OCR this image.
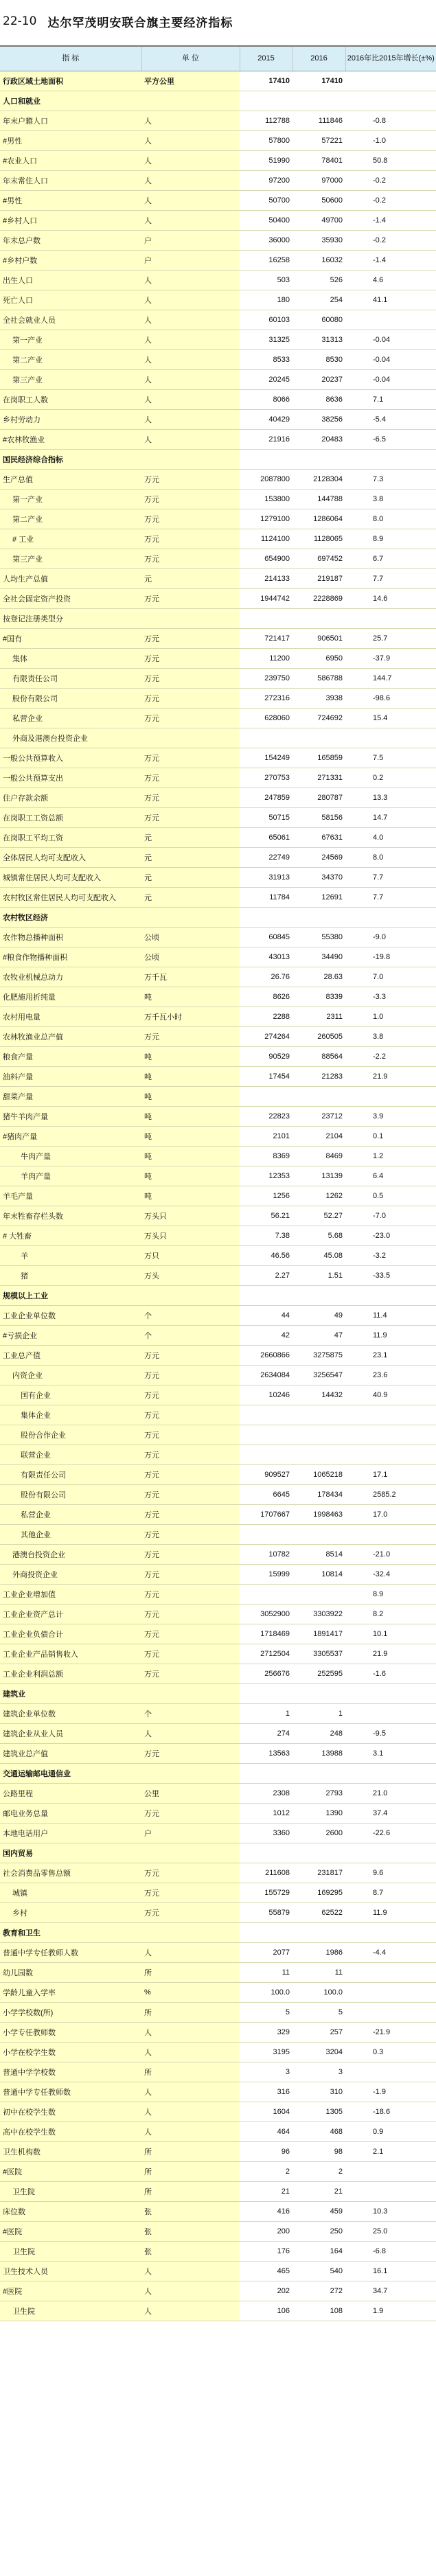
22-10 达尔罕茂明安联合旗主要经济指标
指 标	单 位	2015	2016	2016年比2015年增长(±%)
行政区域土地面积	平方公里	17410	17410	
人口和就业				
年末户籍人口	人	112788	111846	-0.8
#男性	人	57800	57221	-1.0
#农业人口	人	51990	78401	50.8
年末常住人口	人	97200	97000	-0.2
#男性	人	50700	50600	-0.2
#乡村人口	人	50400	49700	-1.4
年末总户数	户	36000	35930	-0.2
#乡村户数	户	16258	16032	-1.4
出生人口	人	503	526	4.6
死亡人口	人	180	254	41.1
全社会就业人员	人	60103	60080	
第一产业	人	31325	31313	-0.04
第二产业	人	8533	8530	-0.04
第三产业	人	20245	20237	-0.04
在岗职工人数	人	8066	8636	7.1
乡村劳动力	人	40429	38256	-5.4
#农林牧渔业	人	21916	20483	-6.5
国民经济综合指标				
生产总值	万元	2087800	2128304	7.3
第一产业	万元	153800	144788	3.8
第二产业	万元	1279100	1286064	8.0
# 工业	万元	1124100	1128065	8.9
第三产业	万元	654900	697452	6.7
人均生产总值	元	214133	219187	7.7
全社会固定资产投资	万元	1944742	2228869	14.6
按登记注册类型分				
#国有	万元	721417	906501	25.7
集体	万元	11200	6950	-37.9
有限责任公司	万元	239750	586788	144.7
股份有限公司	万元	272316	3938	-98.6
私营企业	万元	628060	724692	15.4
外商及港澳台投资企业				
一般公共预算收入	万元	154249	165859	7.5
一般公共预算支出	万元	270753	271331	0.2
住户存款余额	万元	247859	280787	13.3
在岗职工工资总额	万元	50715	58156	14.7
在岗职工平均工资	元	65061	67631	4.0
全体居民人均可支配收入	元	22749	24569	8.0
城镇常住居民人均可支配收入	元	31913	34370	7.7
农村牧区常住居民人均可支配收入	元	11784	12691	7.7
农村牧区经济				
农作物总播种面积	公顷	60845	55380	-9.0
#粮食作物播种面积	公顷	43013	34490	-19.8
农牧业机械总动力	万千瓦	26.76	28.63	7.0
化肥施用折纯量	吨	8626	8339	-3.3
农村用电量	万千瓦小时	2288	2311	1.0
农林牧渔业总产值	万元	274264	260505	3.8
粮食产量	吨	90529	88564	-2.2
油料产量	吨	17454	21283	21.9
甜菜产量	吨			
猪牛羊肉产量	吨	22823	23712	3.9
#猪肉产量	吨	2101	2104	0.1
牛肉产量	吨	8369	8469	1.2
羊肉产量	吨	12353	13139	6.4
羊毛产量	吨	1256	1262	0.5
年末牲畜存栏头数	万头只	56.21	52.27	-7.0
# 大牲畜	万头只	7.38	5.68	-23.0
羊	万只	46.56	45.08	-3.2
猪	万头	2.27	1.51	-33.5
规模以上工业				
工业企业单位数	个	44	49	11.4
#亏损企业	个	42	47	11.9
工业总产值	万元	2660866	3275875	23.1
内资企业	万元	2634084	3256547	23.6
国有企业	万元	10246	14432	40.9
集体企业	万元			
股份合作企业	万元			
联营企业	万元			
有限责任公司	万元	909527	1065218	17.1
股份有限公司	万元	6645	178434	2585.2
私营企业	万元	1707667	1998463	17.0
其他企业	万元			
港澳台投资企业	万元	10782	8514	-21.0
外商投资企业	万元	15999	10814	-32.4
工业企业增加值	万元			8.9
工业企业资产总计	万元	3052900	3303922	8.2
工业企业负债合计	万元	1718469	1891417	10.1
工业企业产品销售收入	万元	2712504	3305537	21.9
工业企业利润总额	万元	256676	252595	-1.6
建筑业				
建筑企业单位数	个	1	1	
建筑企业从业人员	人	274	248	-9.5
建筑业总产值	万元	13563	13988	3.1
交通运输邮电通信业				
公路里程	公里	2308	2793	21.0
邮电业务总量	万元	1012	1390	37.4
本地电话用户	户	3360	2600	-22.6
国内贸易				
社会消费品零售总额	万元	211608	231817	9.6
城镇	万元	155729	169295	8.7
乡村	万元	55879	62522	11.9
教育和卫生				
普通中学专任教师人数	人	2077	1986	-4.4
幼儿园数	所	11	11	
学龄儿童入学率	%	100.0	100.0	
小学学校数(所)	所	5	5	
小学专任教师数	人	329	257	-21.9
小学在校学生数	人	3195	3204	0.3
普通中学学校数	所	3	3	
普通中学专任教师数	人	316	310	-1.9
初中在校学生数	人	1604	1305	-18.6
高中在校学生数	人	464	468	0.9
卫生机构数	所	96	98	2.1
#医院	所	2	2	
卫生院	所	21	21	
床位数	张	416	459	10.3
#医院	张	200	250	25.0
卫生院	张	176	164	-6.8
卫生技术人员	人	465	540	16.1
#医院	人	202	272	34.7
卫生院	人	106	108	1.9
